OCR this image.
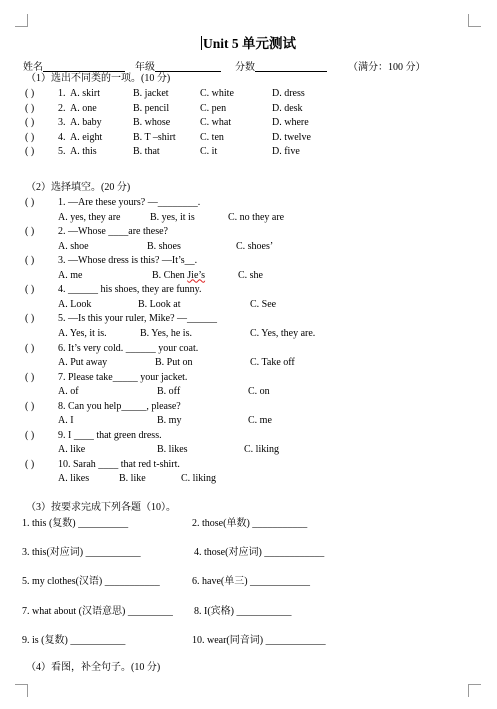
Unit 5 单元测试
姓名	年级	分数	（满分：100 分）
（1）选出不同类的一项。(10 分)
( ) 1. A. skirt	B. jacket	C. white	D. dress
( ) 2. A. one	B. pencil	C. pen	D. desk
( ) 3. A. baby	B. whose	C. what	D. where
( ) 4. A. eight	B. T –shirt C. ten	D. twelve
( ) 5. A. this	B. that	C. it	D. five
（2）选择填空。(20 分)
( ) 1. —Are these yours? —________.
A. yes, they are	B. yes, it is	C. no they are
( ) 2. —Whose ____are these?
A. shoe	B. shoes	C. shoes’
( ) 3. —Whose dress is this? —It’s__.
A. me	B. Chen Jie’s	C. she
( ) 4. ______ his shoes, they are funny.
A. Look	B. Look at	C. See
( ) 5. —Is this your ruler, Mike? —______
A. Yes, it is.	B. Yes, he is.	C. Yes, they are.
( ) 6. It’s very cold. ______ your coat.
A. Put away	B. Put on	C. Take off
( ) 7. Please take_____ your jacket.
A. of	B. off	C. on
( ) 8. Can you help_____, please?
A. I	B. my	C. me
( ) 9. I ____ that green dress.
A. like	B. likes	C. liking
( ) 10. Sarah ____ that red t-shirt.
A. likes	B. like	C. liking
（3）按要求完成下列各题（10）。
1. this (复数) __________	2. those(单数) ___________
3. this(对应词) ___________	4. those(对应词) ____________
5. my clothes(汉语) ___________	6. have(单三) ____________
7. what about (汉语意思) _________ 8. I(宾格) ___________
9. is (复数) ___________	10. wear(同音词) ____________
（4）看图，补全句子。(10 分)
